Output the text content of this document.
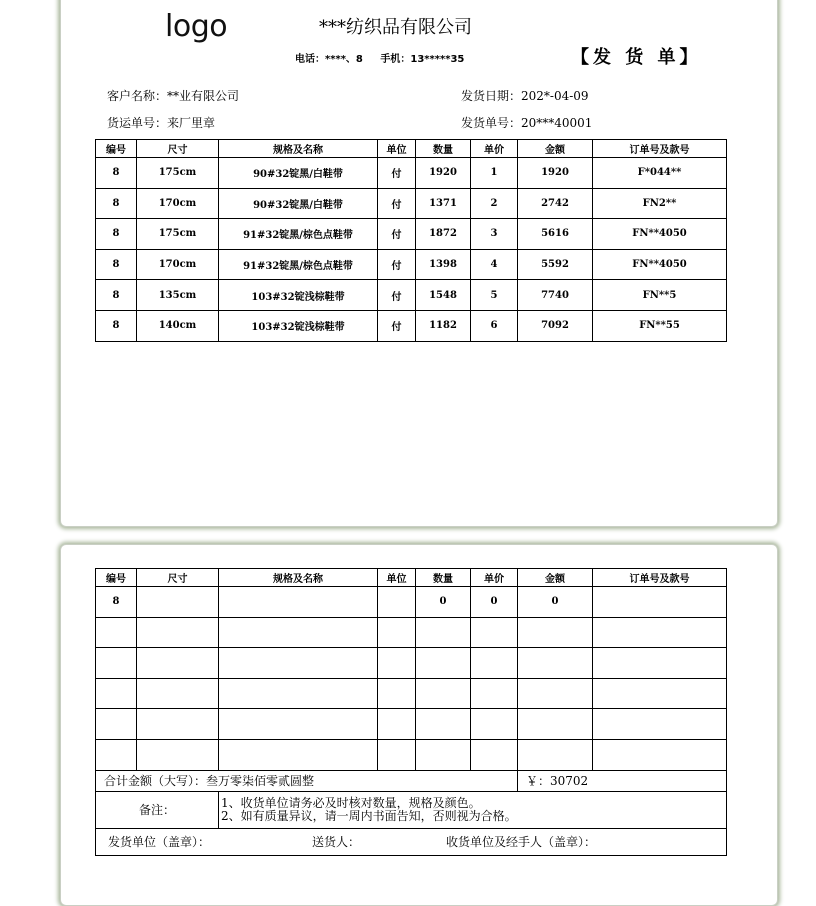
logo	***纺织品有限公司
电话：****、8 手机：13*****35	【发 货 单】
客户名称：**业有限公司	发货日期：202*-04-09
货运单号：来厂里章	发货单号：20***40001
编号	尺寸	规格及名称	单位	数量	单价	金额	订单号及款号
8	175cm	90#32锭黑/白鞋带	付	1920	1	1920	F*044**
8	170cm	90#32锭黑/白鞋带	付	1371	2	2742	FN2**
8	175cm	91#32锭黑/棕色点鞋带	付	1872	3	5616	FN**4050
8	170cm	91#32锭黑/棕色点鞋带	付	1398	4	5592	FN**4050
8	135cm	103#32锭浅棕鞋带	付	1548	5	7740	FN**5
8	140cm	103#32锭浅棕鞋带	付	1182	6	7092	FN**55
编号	尺寸	规格及名称	单位	数量	单价	金额	订单号及款号
8				0	0	0	

合计金额（大写）：叁万零柒佰零贰圆整						￥：30702	
备注：		1、收货单位请务必及时核对数量，规格及颜色。
2、如有质量异议，请一周内书面告知，否则视为合格。					

发货单位（盖章）： 送货人： 收货单位及经手人（盖章）：							
